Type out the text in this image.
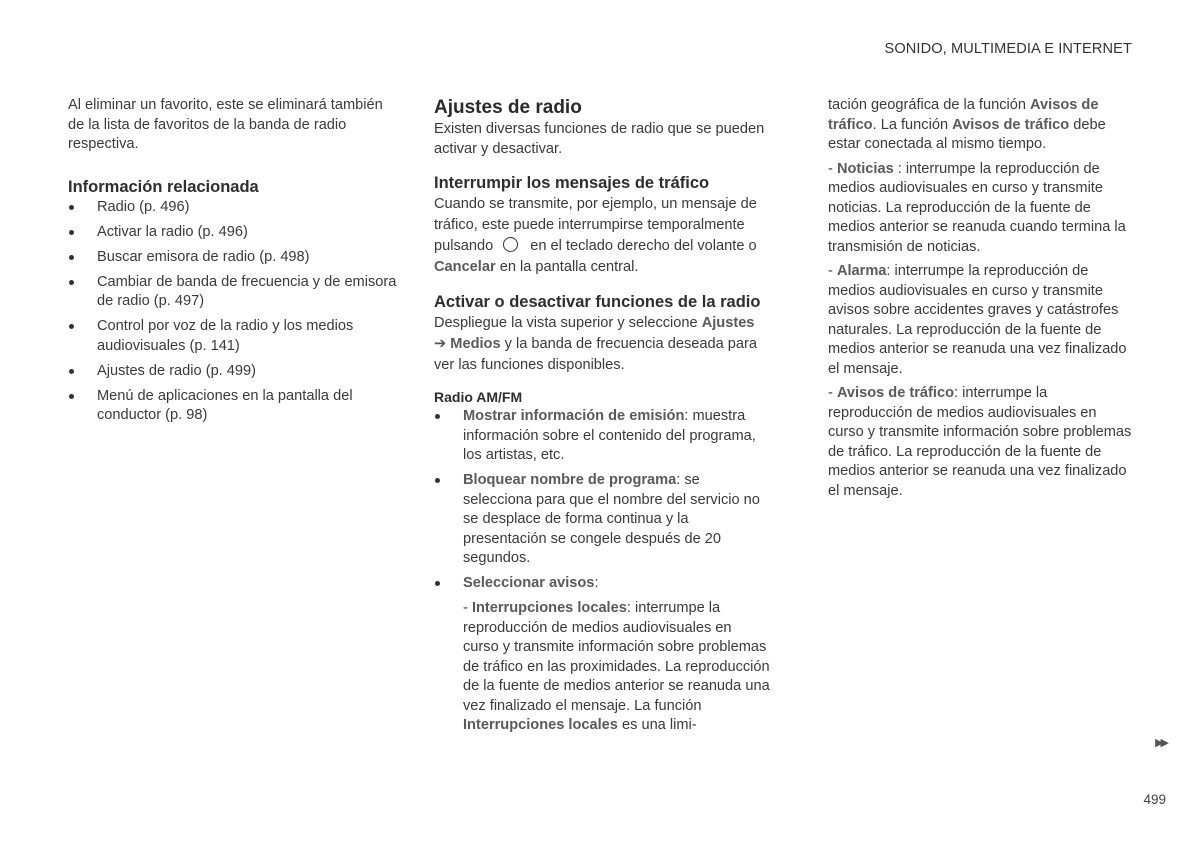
SONIDO, MULTIMEDIA E INTERNET

Al eliminar un favorito, este se eliminará también de la lista de favoritos de la banda de radio respectiva.

Información relacionada
Radio (p. 496)
Activar la radio (p. 496)
Buscar emisora de radio (p. 498)
Cambiar de banda de frecuencia y de emisora de radio (p. 497)
Control por voz de la radio y los medios audiovisuales (p. 141)
Ajustes de radio (p. 499)
Menú de aplicaciones en la pantalla del conductor (p. 98)
Ajustes de radio

Existen diversas funciones de radio que se pueden activar y desactivar.

Interrumpir los mensajes de tráfico

Cuando se transmite, por ejemplo, un mensaje de tráfico, este puede interrumpirse temporalmente pulsando	en el teclado derecho del volante o Cancelar en la pantalla central.

Activar o desactivar funciones de la radio

Despliegue la vista superior y seleccione Ajustes ➔ Medios y la banda de frecuencia deseada para ver las funciones disponibles.

Radio AM/FM
Mostrar información de emisión: muestra información sobre el contenido del programa, los artistas, etc.
Bloquear nombre de programa: se selecciona para que el nombre del servicio no se desplace de forma continua y la presentación se congele después de 20 segundos.
Seleccionar avisos:

- Interrupciones locales: interrumpe la reproducción de medios audiovisuales en curso y transmite información sobre problemas de tráfico en las proximidades. La reproducción de la fuente de medios anterior se reanuda una vez finalizado el mensaje. La función Interrupciones locales es una limi-

tación geográfica de la función Avisos de tráfico. La función Avisos de tráfico debe estar conectada al mismo tiempo.

- Noticias : interrumpe la reproducción de medios audiovisuales en curso y transmite noticias. La reproducción de la fuente de medios anterior se reanuda cuando termina la transmisión de noticias.

- Alarma: interrumpe la reproducción de medios audiovisuales en curso y transmite avisos sobre accidentes graves y catástrofes naturales. La reproducción de la fuente de medios anterior se reanuda una vez finalizado el mensaje.

- Avisos de tráfico: interrumpe la reproducción de medios audiovisuales en curso y transmite información sobre problemas de tráfico. La reproducción de la fuente de medios anterior se reanuda una vez finalizado el mensaje.

▶▶
499
